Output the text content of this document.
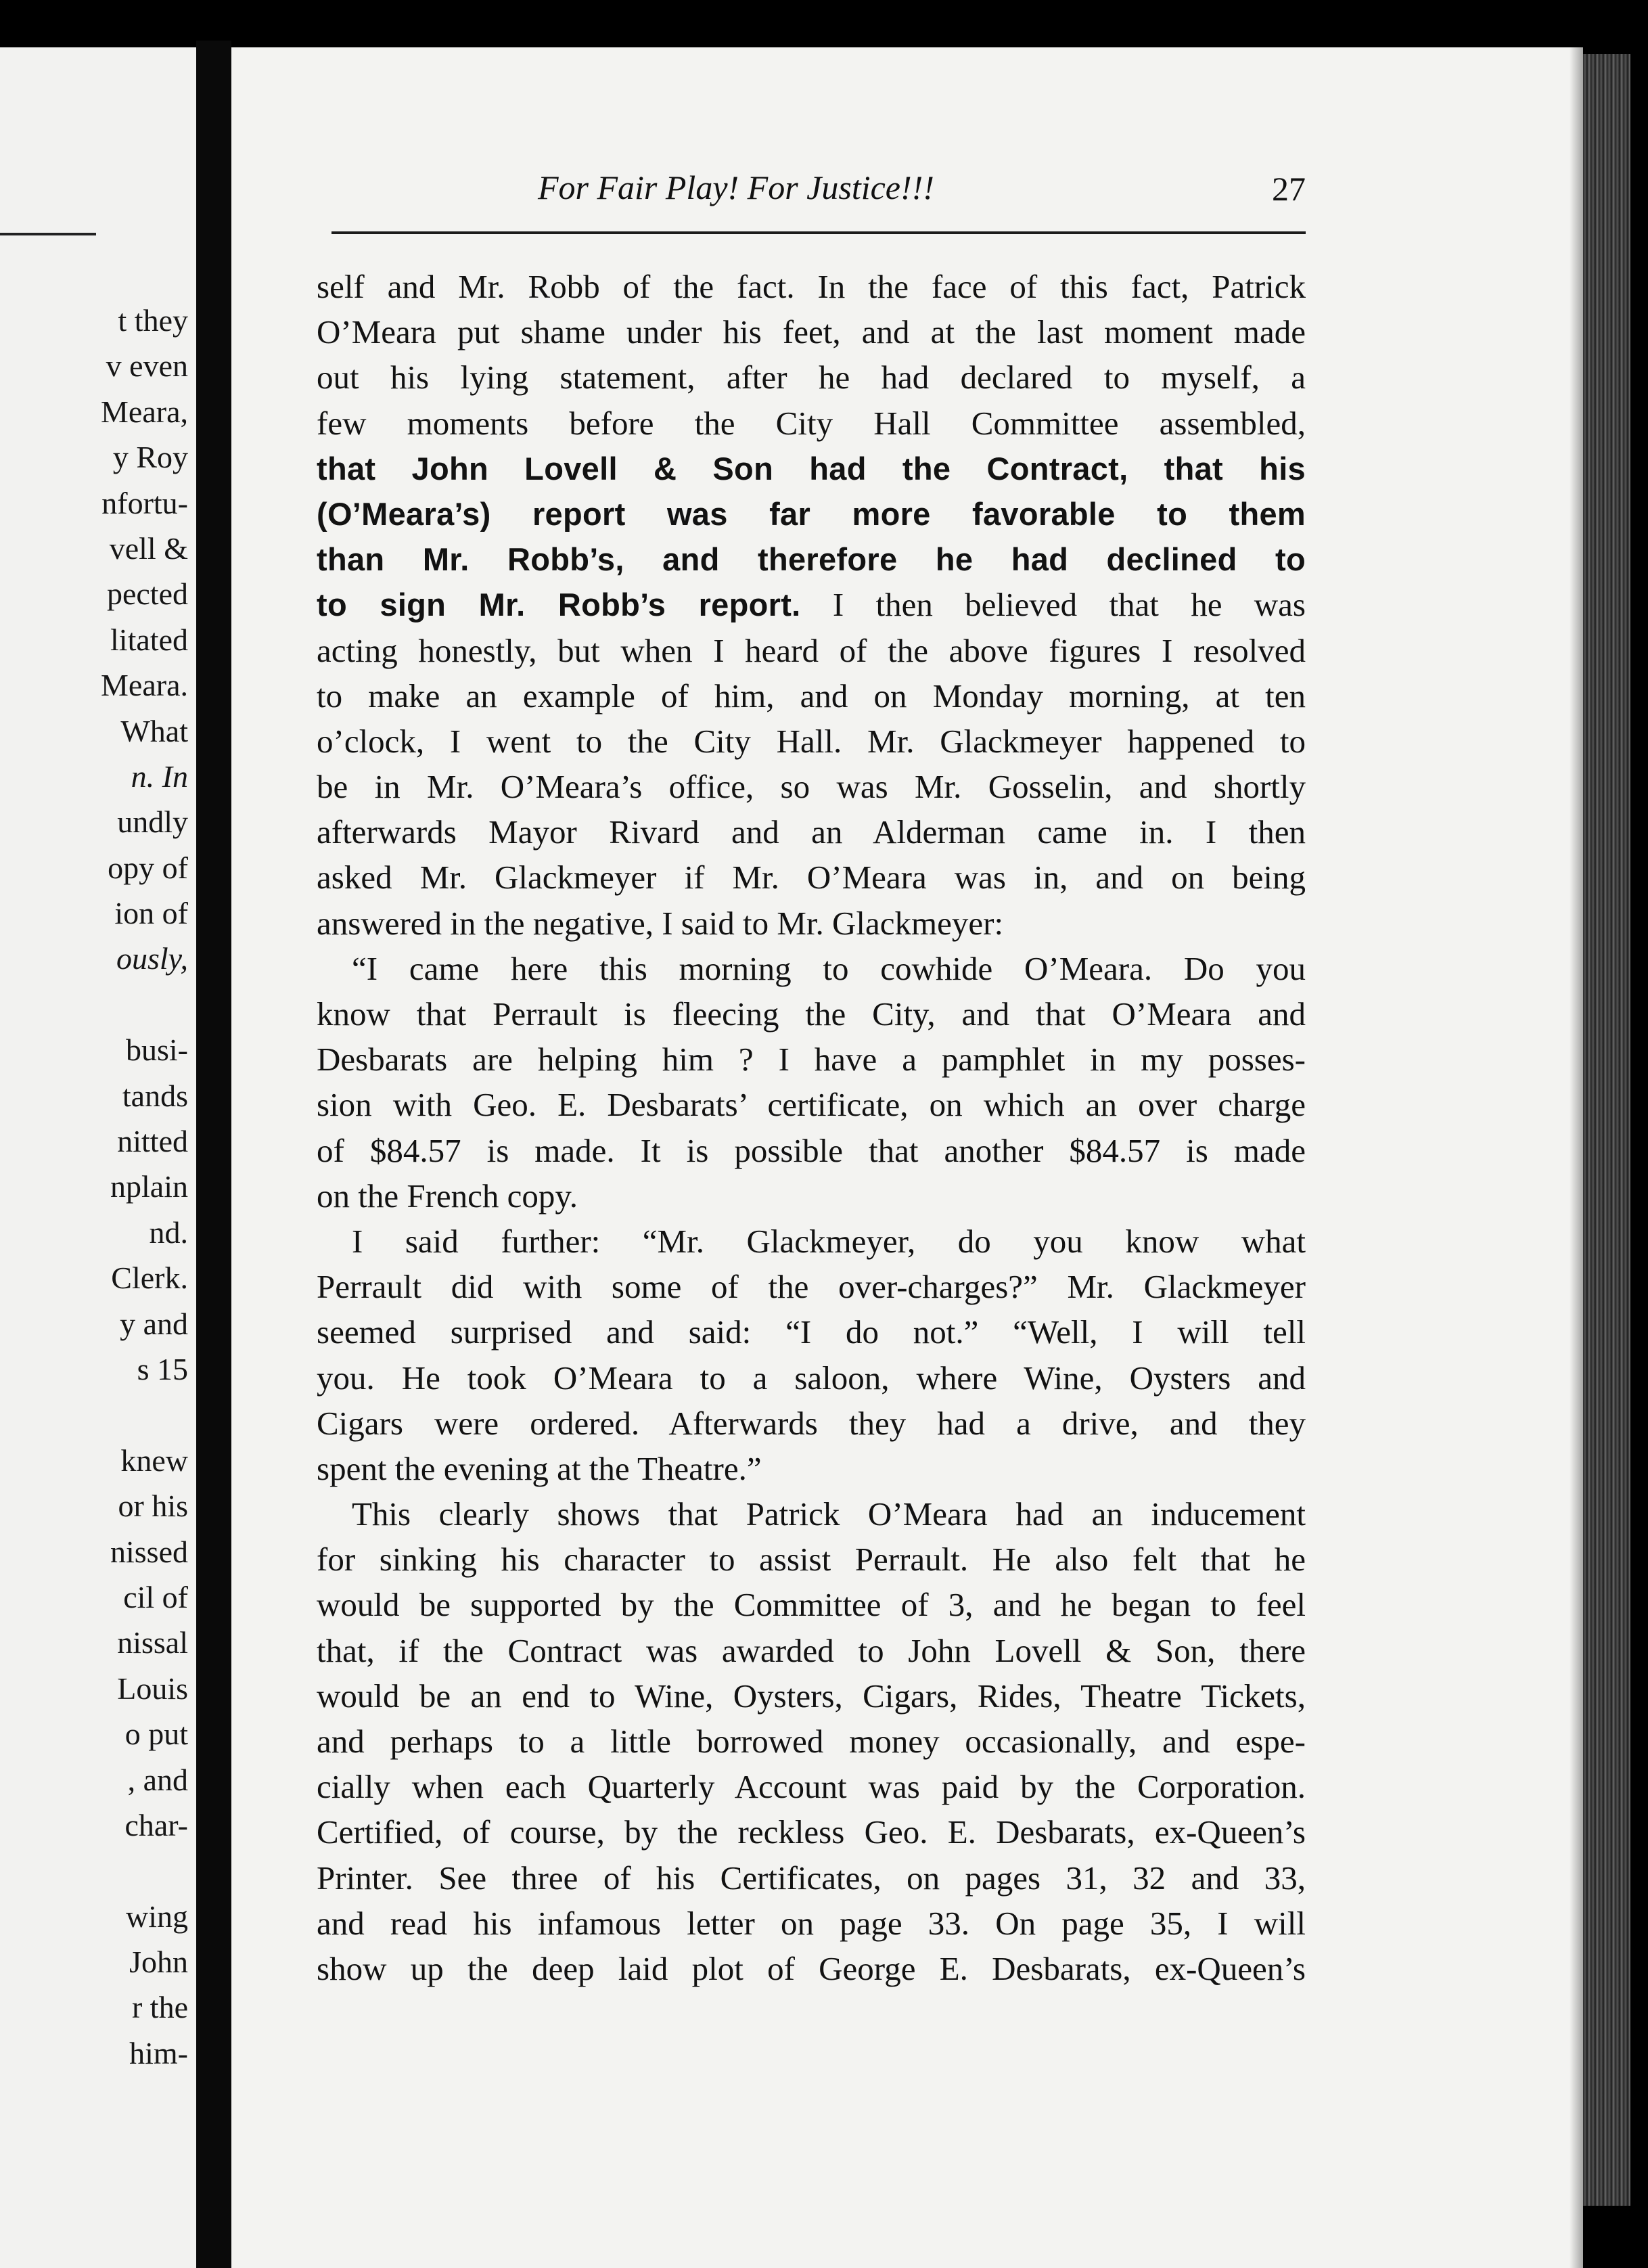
t they
v even
Meara,
y Roy
nfortu-
vell &
pected
litated
Meara.
What
n. In
undly
opy of
ion of
ously,
busi-
tands
nitted
nplain
nd.
Clerk.
y and
s 15
knew
or his
nissed
cil of
nissal
Louis
o put
, and
char-
wing
John
r the
him-
For Fair Play! For Justice!!!	27
self and Mr. Robb of the fact. In the face of this fact, Patrick
O’Meara put shame under his feet, and at the last moment made
out his lying statement, after he had declared to myself, a
few moments before the City Hall Committee assembled,
that John Lovell & Son had the Contract, that his
(O’Meara’s) report was far more favorable to them
than Mr. Robb’s, and therefore he had declined to
to sign Mr. Robb’s report. I then believed that he was
acting honestly, but when I heard of the above figures I resolved
to make an example of him, and on Monday morning, at ten
o’clock, I went to the City Hall. Mr. Glackmeyer happened to
be in Mr. O’Meara’s office, so was Mr. Gosselin, and shortly
afterwards Mayor Rivard and an Alderman came in. I then
asked Mr. Glackmeyer if Mr. O’Meara was in, and on being
answered in the negative, I said to Mr. Glackmeyer:
“I came here this morning to cowhide O’Meara. Do you
know that Perrault is fleecing the City, and that O’Meara and
Desbarats are helping him ? I have a pamphlet in my posses-
sion with Geo. E. Desbarats’ certificate, on which an over charge
of $84.57 is made. It is possible that another $84.57 is made
on the French copy.
I said further: “Mr. Glackmeyer, do you know what
Perrault did with some of the over-charges?” Mr. Glackmeyer
seemed surprised and said: “I do not.” “Well, I will tell
you. He took O’Meara to a saloon, where Wine, Oysters and
Cigars were ordered. Afterwards they had a drive, and they
spent the evening at the Theatre.”
This clearly shows that Patrick O’Meara had an inducement
for sinking his character to assist Perrault. He also felt that he
would be supported by the Committee of 3, and he began to feel
that, if the Contract was awarded to John Lovell & Son, there
would be an end to Wine, Oysters, Cigars, Rides, Theatre Tickets,
and perhaps to a little borrowed money occasionally, and espe-
cially when each Quarterly Account was paid by the Corporation.
Certified, of course, by the reckless Geo. E. Desbarats, ex-Queen’s
Printer. See three of his Certificates, on pages 31, 32 and 33,
and read his infamous letter on page 33. On page 35, I will
show up the deep laid plot of George E. Desbarats, ex-Queen’s
